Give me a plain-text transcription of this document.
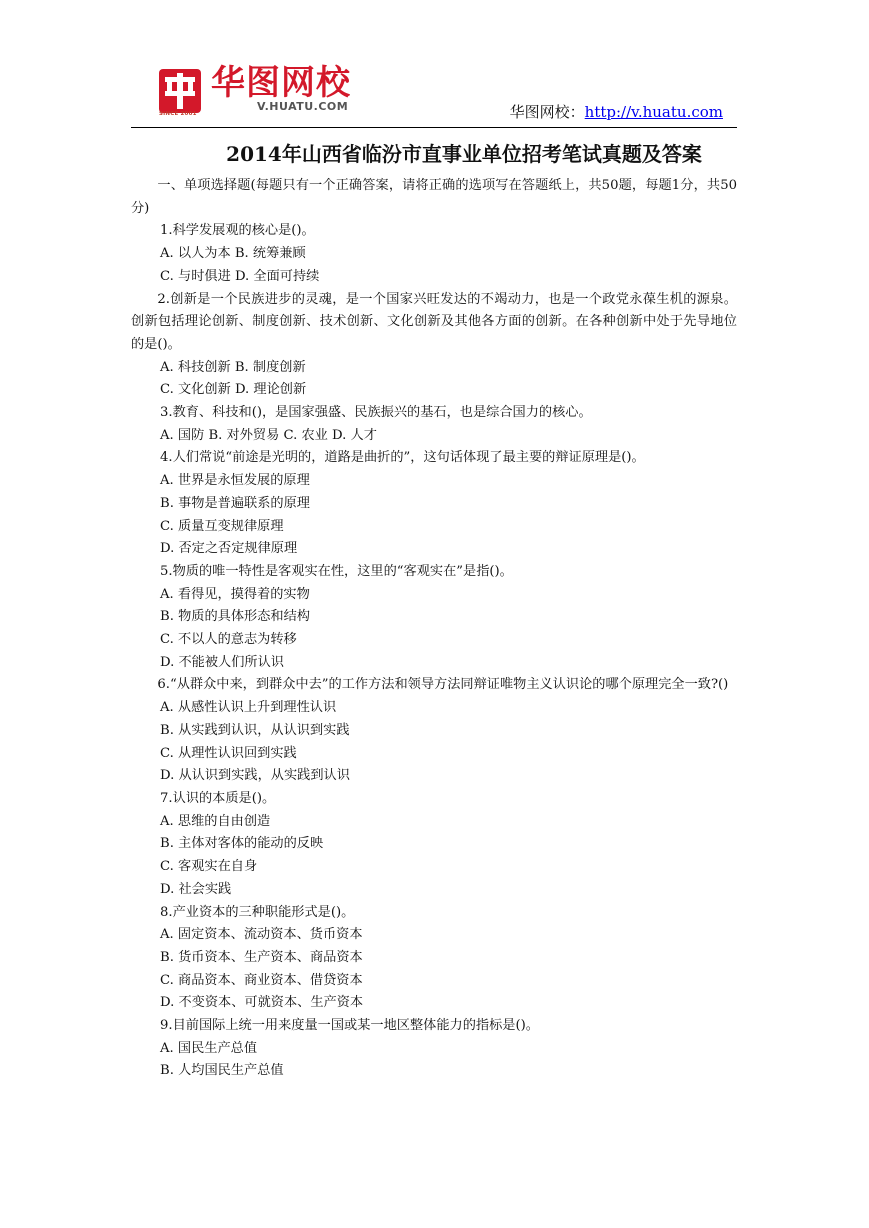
SINCE 2001
华图网校
V.HUATU.COM	华图网校：http://v.huatu.com
2014年山西省临汾市直事业单位招考笔试真题及答案

一、单项选择题(每题只有一个正确答案，请将正确的选项写在答题纸上，共50题，每题1分，共50分)

1.科学发展观的核心是()。

A. 以人为本 B. 统筹兼顾

C. 与时俱进 D. 全面可持续

2.创新是一个民族进步的灵魂，是一个国家兴旺发达的不竭动力，也是一个政党永葆生机的源泉。创新包括理论创新、制度创新、技术创新、文化创新及其他各方面的创新。在各种创新中处于先导地位的是()。

A. 科技创新 B. 制度创新

C. 文化创新 D. 理论创新

3.教育、科技和()，是国家强盛、民族振兴的基石，也是综合国力的核心。

A. 国防 B. 对外贸易 C. 农业 D. 人才

4.人们常说“前途是光明的，道路是曲折的”，这句话体现了最主要的辩证原理是()。

A. 世界是永恒发展的原理

B. 事物是普遍联系的原理

C. 质量互变规律原理

D. 否定之否定规律原理

5.物质的唯一特性是客观实在性，这里的“客观实在”是指()。

A. 看得见，摸得着的实物

B. 物质的具体形态和结构

C. 不以人的意志为转移

D. 不能被人们所认识

6.“从群众中来，到群众中去”的工作方法和领导方法同辩证唯物主义认识论的哪个原理完全一致?()

A. 从感性认识上升到理性认识

B. 从实践到认识，从认识到实践

C. 从理性认识回到实践

D. 从认识到实践，从实践到认识

7.认识的本质是()。

A. 思维的自由创造

B. 主体对客体的能动的反映

C. 客观实在自身

D. 社会实践

8.产业资本的三种职能形式是()。

A. 固定资本、流动资本、货币资本

B. 货币资本、生产资本、商品资本

C. 商品资本、商业资本、借贷资本

D. 不变资本、可就资本、生产资本

9.目前国际上统一用来度量一国或某一地区整体能力的指标是()。

A. 国民生产总值

B. 人均国民生产总值
